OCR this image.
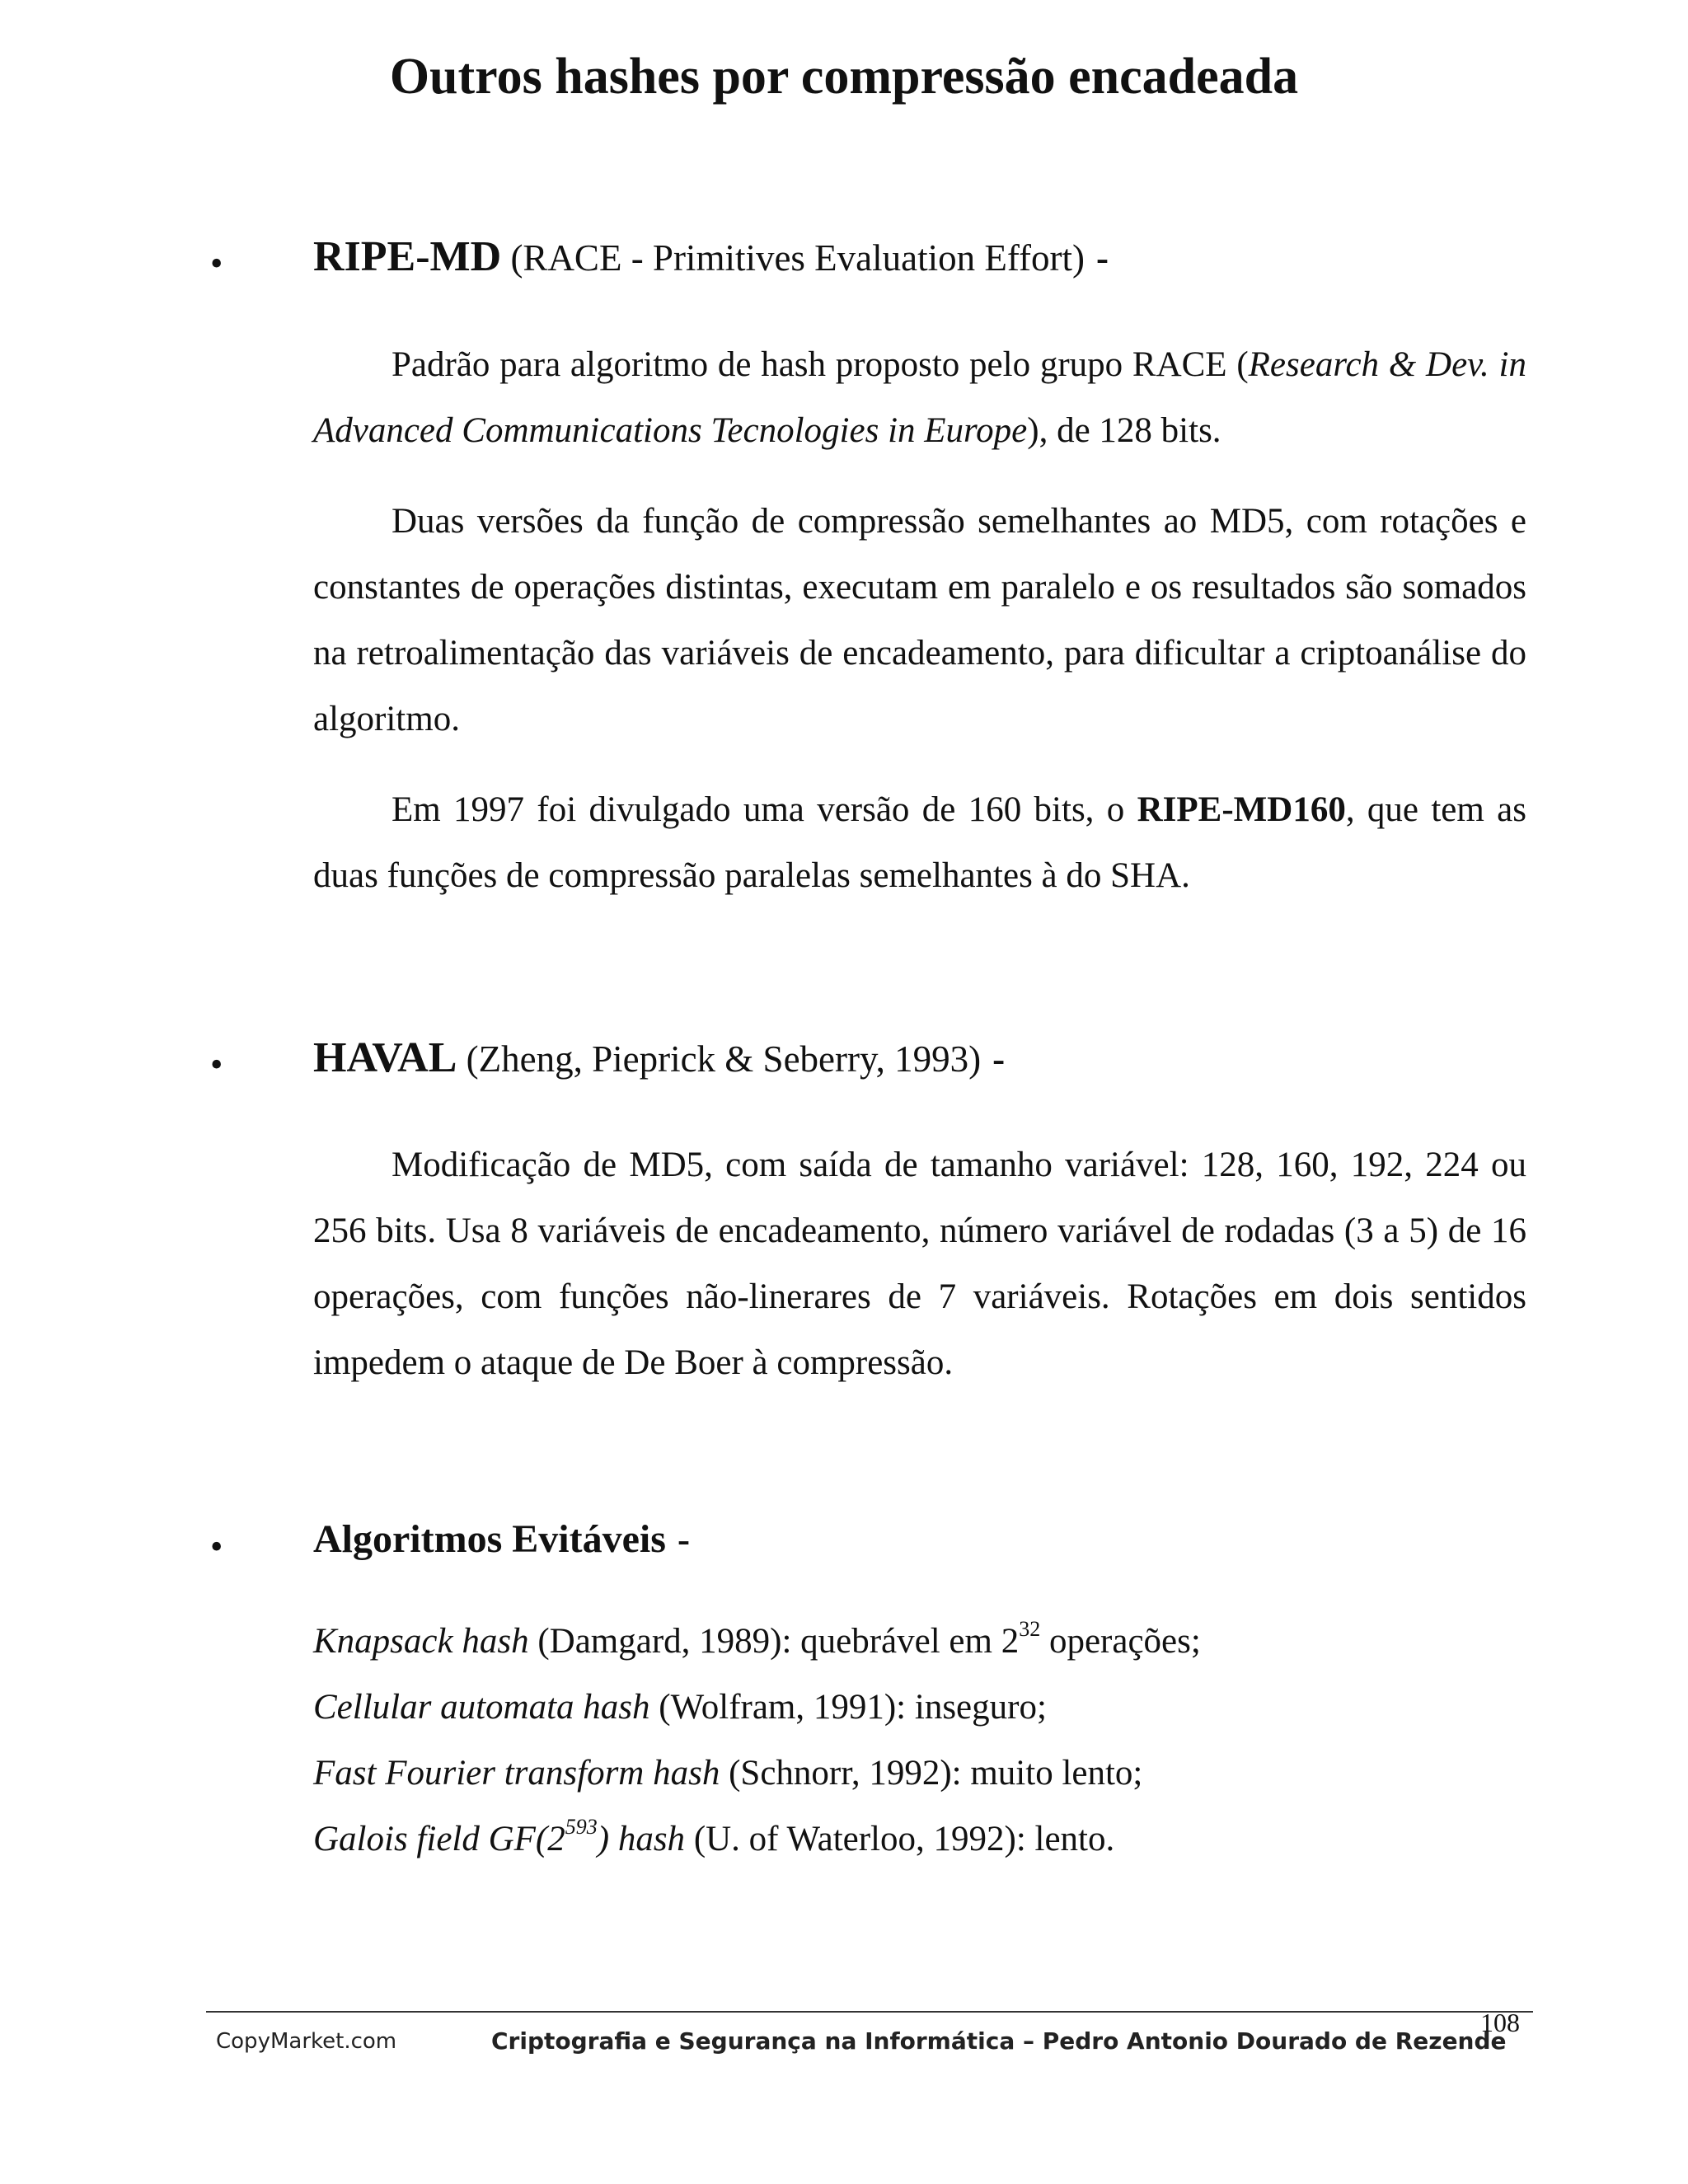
Outros hashes por compressão encadeada
• RIPE-MD (RACE - Primitives Evaluation Effort) -

Padrão para algoritmo de hash proposto pelo grupo RACE (Research & Dev. in Advanced Communications Tecnologies in Europe), de 128 bits.

Duas versões da função de compressão semelhantes ao MD5, com rotações e constantes de operações distintas, executam em paralelo e os resultados são somados na retroalimentação das variáveis de encadeamento, para dificultar a criptoanálise do algoritmo.

Em 1997 foi divulgado uma versão de 160 bits, o RIPE-MD160, que tem as duas funções de compressão paralelas semelhantes à do SHA.

• HAVAL (Zheng, Pieprick & Seberry, 1993) -

Modificação de MD5, com saída de tamanho variável: 128, 160, 192, 224 ou 256 bits. Usa 8 variáveis de encadeamento, número variável de rodadas (3 a 5) de 16 operações, com funções não-linerares de 7 variáveis. Rotações em dois sentidos impedem o ataque de De Boer à compressão.

• Algoritmos Evitáveis -
Knapsack hash (Damgard, 1989): quebrável em $2^{32}$ operações;
Cellular automata hash (Wolfram, 1991): inseguro;
Fast Fourier transform hash (Schnorr, 1992): muito lento;
Galois field $GF(2^{593})$ hash (U. of Waterloo, 1992): lento.
108
CopyMarket.com	Criptografia e Segurança na Informática – Pedro Antonio Dourado de Rezende
